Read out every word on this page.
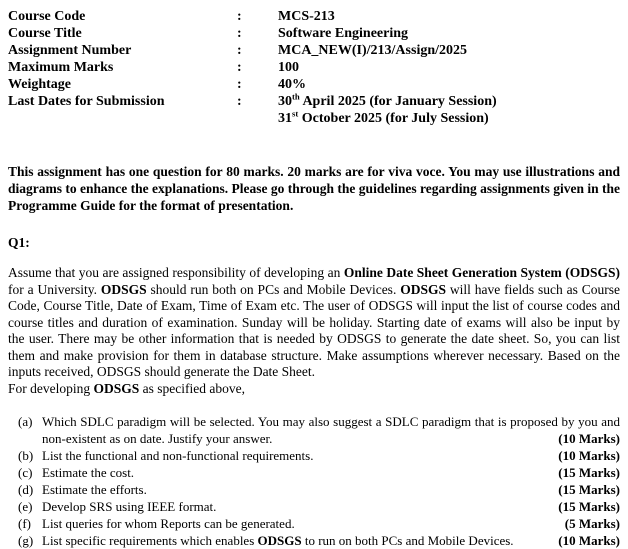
Course Code	:	MCS-213
Course Title	:	Software Engineering
Assignment Number	:	MCA_NEW(I)/213/Assign/2025
Maximum Marks	:	100
Weightage	:	40%
Last Dates for Submission	:	30th April 2025 (for January Session)
31st October 2025 (for July Session)

This assignment has one question for 80 marks. 20 marks are for viva voce. You may use illustrations and diagrams to enhance the explanations. Please go through the guidelines regarding assignments given in the Programme Guide for the format of presentation.

Q1:

Assume that you are assigned responsibility of developing an Online Date Sheet Generation System (ODSGS) for a University. ODSGS should run both on PCs and Mobile Devices. ODSGS will have fields such as Course Code, Course Title, Date of Exam, Time of Exam etc. The user of ODSGS will input the list of course codes and course titles and duration of examination. Sunday will be holiday. Starting date of exams will also be input by the user. There may be other information that is needed by ODSGS to generate the date sheet. So, you can list them and make provision for them in database structure. Make assumptions wherever necessary. Based on the inputs received, ODSGS should generate the Date Sheet.
For developing ODSGS as specified above,

(a) Which SDLC paradigm will be selected. You may also suggest a SDLC paradigm that is proposed by you and non-existent as on date. Justify your answer.	(10 Marks)
(b) List the functional and non-functional requirements.	(10 Marks)
(c) Estimate the cost.	(15 Marks)
(d) Estimate the efforts.	(15 Marks)
(e) Develop SRS using IEEE format.	(15 Marks)
(f) List queries for whom Reports can be generated.	(5 Marks)
(g) List specific requirements which enables ODSGS to run on both PCs and Mobile Devices.	(10 Marks)
